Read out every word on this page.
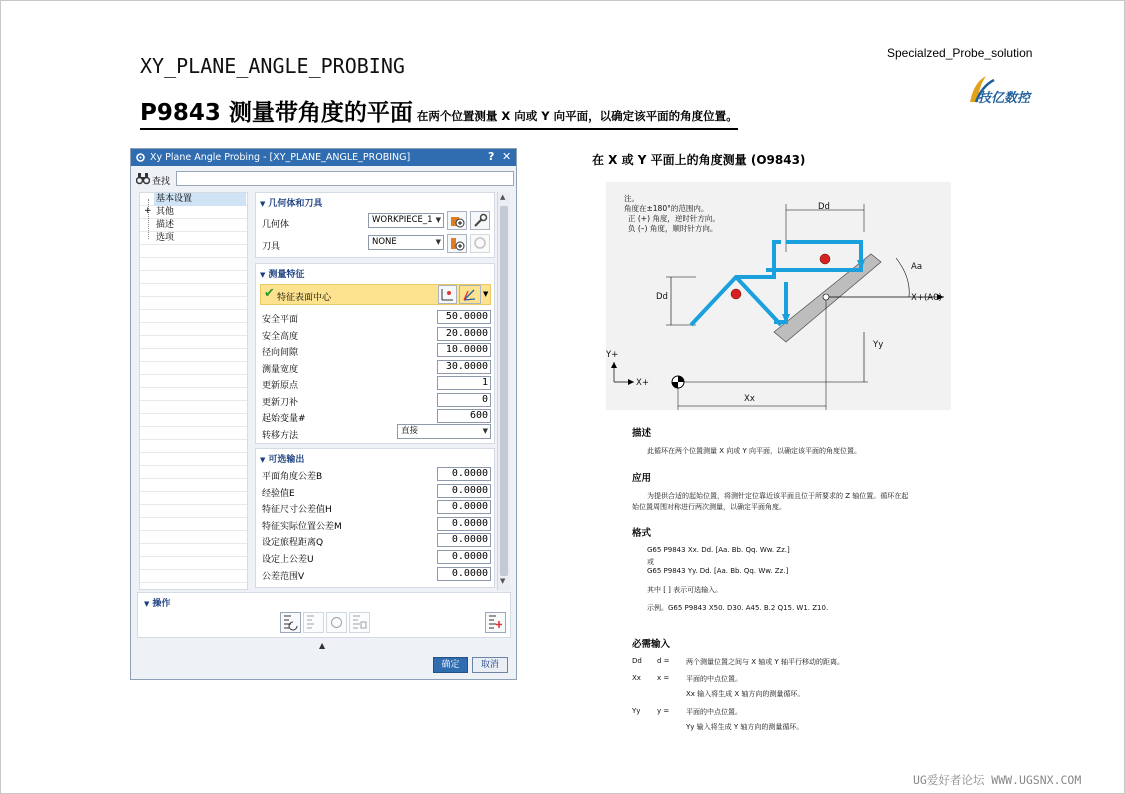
XY_PLANE_ANGLE_PROBING
Specialzed_Probe_solution
技亿数控
P9843 测量带角度的平面 在两个位置测量 X 向或 Y 向平面，以确定该平面的角度位置。
Xy Plane Angle Probing - [XY_PLANE_ANGLE_PROBING]	? ✕
查找
基本设置
+ 其他
描述
选项
▼ 几何体和刀具
几何体	WORKPIECE_1 ▼
刀具	NONE	▼
▼ 测量特征
✔ 特征表面中心	▼
安全平面	50.0000
安全高度	20.0000
径向间隙	10.0000
测量宽度	30.0000
更新原点	1
更新刀补	0
起始变量#	600
转移方法	直接	▼
▼ 可选输出
平面角度公差B	0.0000
经验值E	0.0000
特征尺寸公差值H	0.0000
特征实际位置公差M	0.0000
设定旅程距离Q	0.0000
设定上公差U	0.0000
公差范围V	0.0000
▲
▼
▼ 操作
▲
确定	取消
在 X 或 Y 平面上的角度测量 (O9843)
注。
角度在±180°的范围内。
正 (+) 角度，逆时针方向。
负 (–) 角度，顺时针方向。
Dd
Dd
Aa
X+(A0)
Yy
Y+
X+
Xx
描述
此循环在两个位置测量 X 向或 Y 向平面，以确定该平面的角度位置。
应用
为提供合适的起始位置，将测针定位靠近该平面且位于所要求的 Z 轴位置。循环在起
始位置周围对称进行两次测量，以确定平面角度。
格式
G65 P9843 Xx. Dd. [Aa. Bb. Qq. Ww. Zz.]
或
G65 P9843 Yy. Dd. [Aa. Bb. Qq. Ww. Zz.]
其中 [ ] 表示可选输入。
示例。G65 P9843 X50. D30. A45. B.2 Q15. W1. Z10.
必需输入
Dd d = 两个测量位置之间与 X 轴或 Y 轴平行移动的距离。
Xx x = 平面的中点位置。
Xx 输入将生成 X 轴方向的测量循环。
Yy y = 平面的中点位置。
Yy 输入将生成 Y 轴方向的测量循环。
UG爱好者论坛 WWW.UGSNX.COM
